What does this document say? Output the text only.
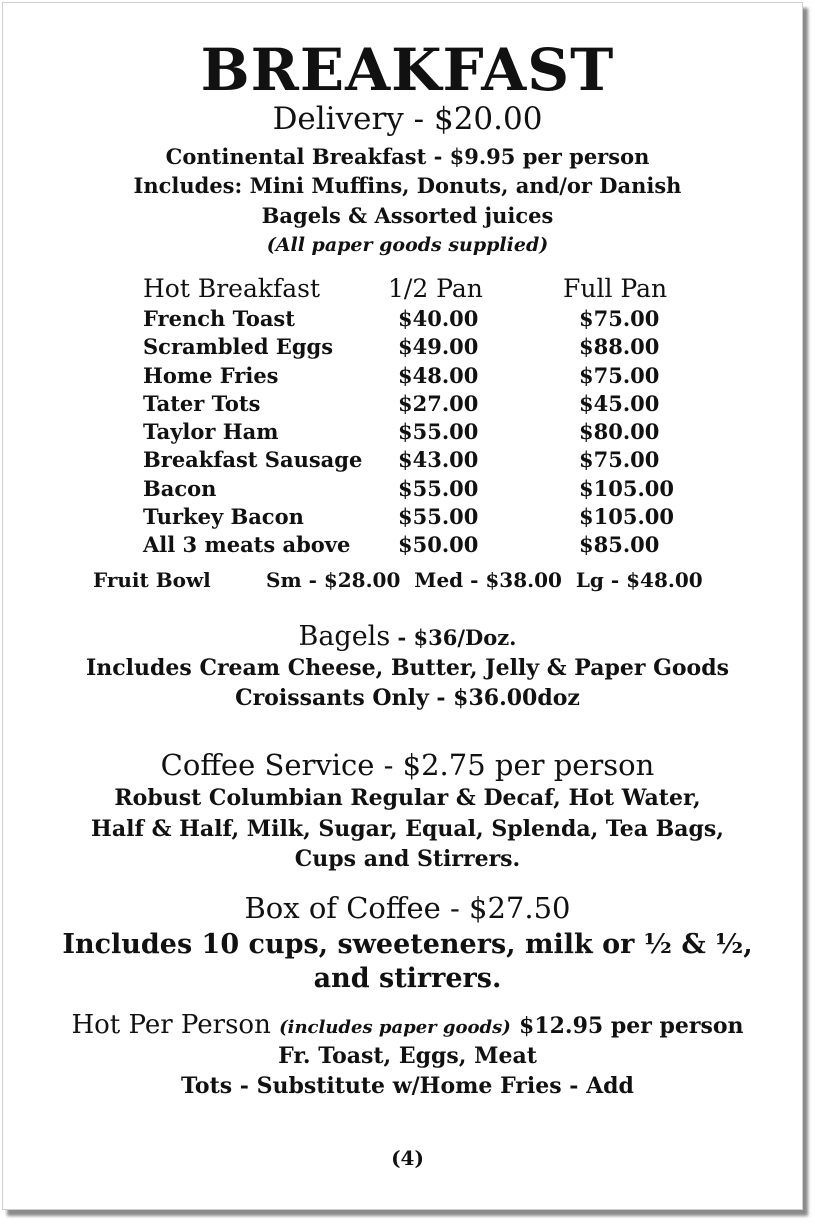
BREAKFAST
Delivery - $20.00
Continental Breakfast - $9.95 per person
Includes: Mini Muffins, Donuts, and/or Danish
Bagels & Assorted juices
(All paper goods supplied)
Hot Breakfast	1/2 Pan	Full Pan
French Toast	$40.00	$75.00
Scrambled Eggs	$49.00	$88.00
Home Fries	$48.00	$75.00
Tater Tots	$27.00	$45.00
Taylor Ham	$55.00	$80.00
Breakfast Sausage $43.00	$75.00
Bacon	$55.00	$105.00
Turkey Bacon	$55.00	$105.00
All 3 meats above $50.00	$85.00
Fruit Bowl	Sm - $28.00  Med - $38.00  Lg - $48.00
Bagels - $36/Doz.
Includes Cream Cheese, Butter, Jelly & Paper Goods
Croissants Only - $36.00doz
Coffee Service - $2.75 per person
Robust Columbian Regular & Decaf, Hot Water,
Half & Half, Milk, Sugar, Equal, Splenda, Tea Bags,
Cups and Stirrers.
Box of Coffee - $27.50
Includes 10 cups, sweeteners, milk or ½ & ½,
and stirrers.
Hot Per Person (includes paper goods) $12.95 per person
Fr. Toast, Eggs, Meat
Tots - Substitute w/Home Fries - Add
(4)
